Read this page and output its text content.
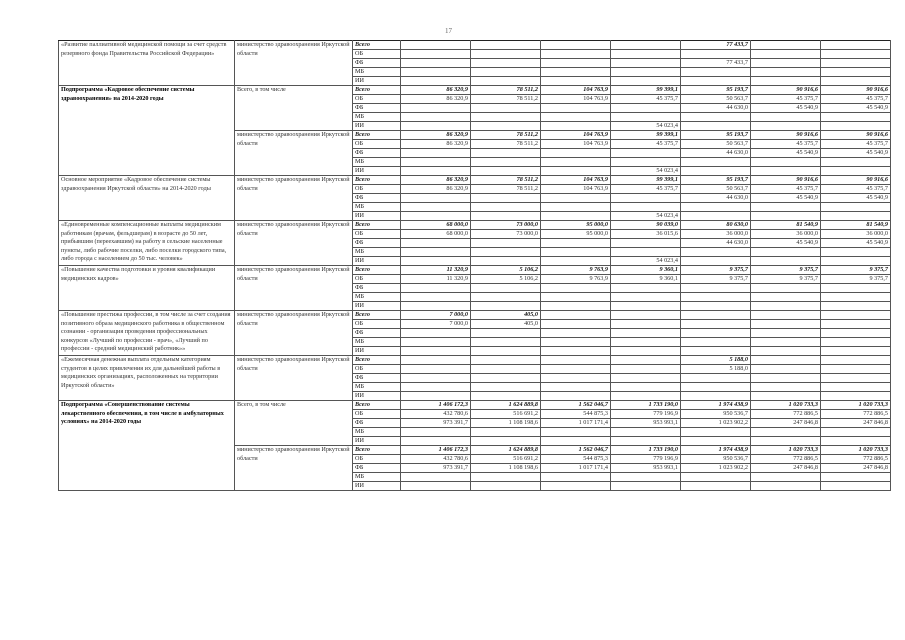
17
«Развитие паллиативной медицинской помощи за счет средств резервного фонда Правительства Российской Федерации»	министерство здравоохранения Иркутской области	Всего					77 433,7		
		ОБ							
		ФБ					77 433,7		
		МБ							
		ИИ							
Подпрограмма «Кадровое обеспечение системы здравоохранения» на 2014-2020 годы	Всего, в том числе	Всего	86 320,9	78 511,2	104 763,9	99 399,1	95 193,7	90 916,6	90 916,6
		ОБ	86 320,9	78 511,2	104 763,9	45 375,7	50 563,7	45 375,7	45 375,7
		ФБ					44 630,0	45 540,9	45 540,9
		МБ							
		ИИ				54 023,4			
	министерство здравоохранения Иркутской области	Всего	86 320,9	78 511,2	104 763,9	99 399,1	95 193,7	90 916,6	90 916,6
		ОБ	86 320,9	78 511,2	104 763,9	45 375,7	50 563,7	45 375,7	45 375,7
		ФБ					44 630,0	45 540,9	45 540,9
		МБ							
		ИИ				54 023,4			
Основное мероприятие «Кадровое обеспечение системы здравоохранения Иркутской области» на 2014-2020 годы	министерство здравоохранения Иркутской области	Всего	86 320,9	78 511,2	104 763,9	99 399,1	95 193,7	90 916,6	90 916,6
		ОБ	86 320,9	78 511,2	104 763,9	45 375,7	50 563,7	45 375,7	45 375,7
		ФБ					44 630,0	45 540,9	45 540,9
		МБ							
		ИИ				54 023,4			
«Единовременные компенсационные выплаты медицинским работникам (врачам, фельдшерам) в возрасте до 50 лет, прибывшим (переехавшим) на работу в сельские населенные пункты, либо рабочие поселки, либо поселки городского типа, либо города с населением до 50 тыс. человек»	министерство здравоохранения Иркутской области	Всего	68 000,0	73 000,0	95 000,0	90 039,0	80 630,0	81 540,9	81 540,9
		ОБ	68 000,0	73 000,0	95 000,0	36 015,6	36 000,0	36 000,0	36 000,0
		ФБ					44 630,0	45 540,9	45 540,9
		МБ							
		ИИ				54 023,4			
«Повышение качества подготовки и уровня квалификации медицинских кадров»	министерство здравоохранения Иркутской области	Всего	11 320,9	5 106,2	9 763,9	9 360,1	9 375,7	9 375,7	9 375,7
		ОБ	11 320,9	5 106,2	9 763,9	9 360,1	9 375,7	9 375,7	9 375,7
		ФБ							
		МБ							
		ИИ							
«Повышение престижа профессии, в том числе за счет создания позитивного образа медицинского работника в общественном сознании - организация проведения профессиональных конкурсов «Лучший по профессии - врач», «Лучший по профессии - средний медицинский работник»»	министерство здравоохранения Иркутской области	Всего	7 000,0	405,0					
		ОБ	7 000,0	405,0					
		ФБ							
		МБ							
		ИИ							
«Ежемесячная денежная выплата отдельным категориям студентов в целях привлечения их для дальнейшей работы в медицинских организациях, расположенных на территории Иркутской области»	министерство здравоохранения Иркутской области	Всего					5 188,0		
		ОБ					5 188,0		
		ФБ							
		МБ							
		ИИ							
Подпрограмма «Совершенствование системы лекарственного обеспечения, в том числе в амбулаторных условиях» на 2014-2020 годы	Всего, в том числе	Всего	1 406 172,3	1 624 889,8	1 562 046,7	1 733 190,0	1 974 438,9	1 020 733,3	1 020 733,3
		ОБ	432 780,6	516 691,2	544 875,3	779 196,9	950 536,7	772 886,5	772 886,5
		ФБ	973 391,7	1 108 198,6	1 017 171,4	953 993,1	1 023 902,2	247 846,8	247 846,8
		МБ							
		ИИ							
	министерство здравоохранения Иркутской области	Всего	1 406 172,3	1 624 889,8	1 562 046,7	1 733 190,0	1 974 438,9	1 020 733,3	1 020 733,3
		ОБ	432 780,6	516 691,2	544 875,3	779 196,9	950 536,7	772 886,5	772 886,5
		ФБ	973 391,7	1 108 198,6	1 017 171,4	953 993,1	1 023 902,2	247 846,8	247 846,8
		МБ							
		ИИ							
